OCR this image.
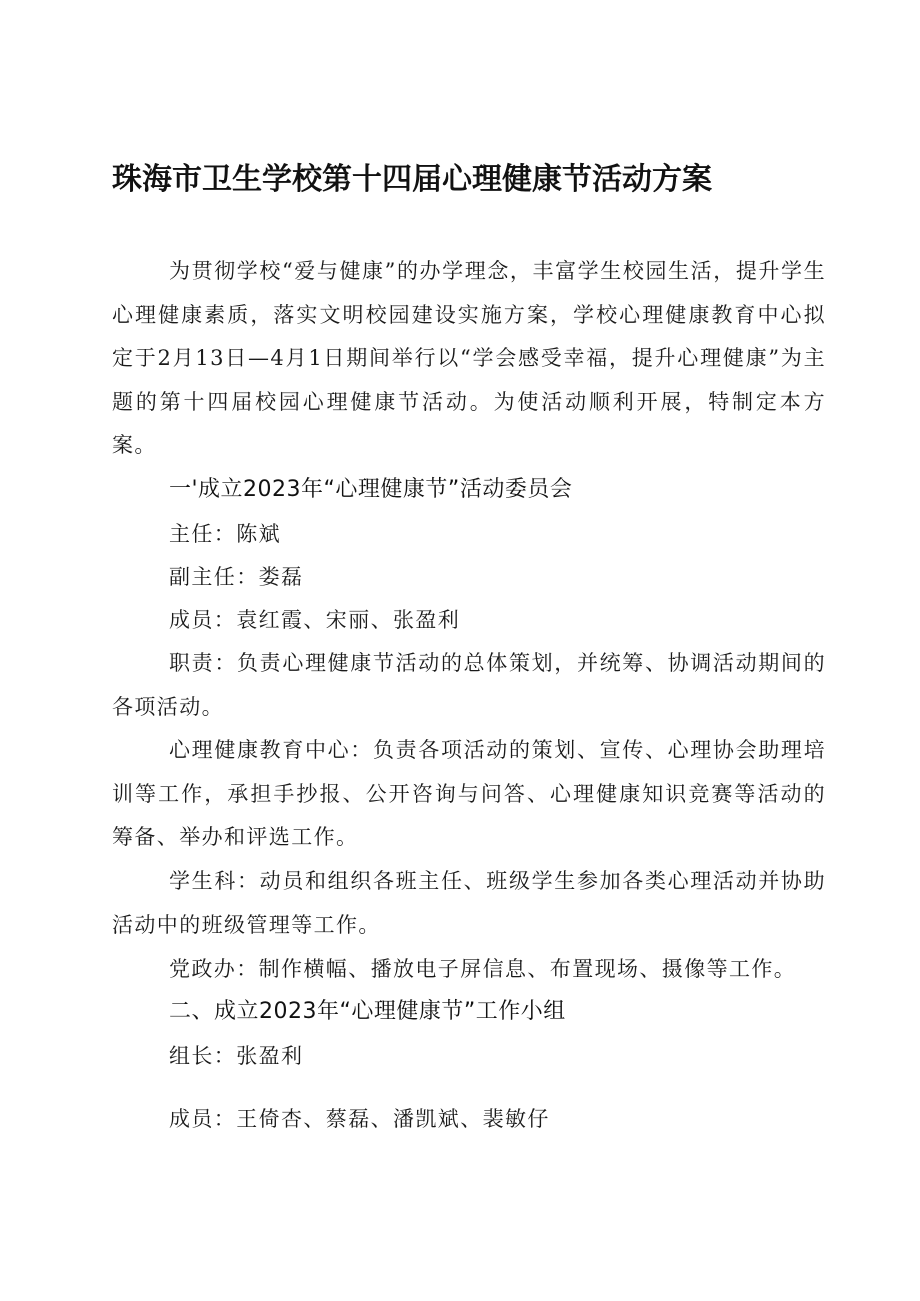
珠海市卫生学校第十四届心理健康节活动方案

为贯彻学校“爱与健康”的办学理念，丰富学生校园生活，提升学生心理健康素质，落实文明校园建设实施方案，学校心理健康教育中心拟定于2月13日—4月1日期间举行以“学会感受幸福，提升心理健康”为主题的第十四届校园心理健康节活动。为使活动顺利开展，特制定本方案。

一'成立2023年“心理健康节”活动委员会
主任：陈斌
副主任：娄磊
成员：袁红霞、宋丽、张盈利

职责：负责心理健康节活动的总体策划，并统筹、协调活动期间的各项活动。

心理健康教育中心：负责各项活动的策划、宣传、心理协会助理培训等工作，承担手抄报、公开咨询与问答、心理健康知识竞赛等活动的筹备、举办和评选工作。

学生科：动员和组织各班主任、班级学生参加各类心理活动并协助活动中的班级管理等工作。

党政办：制作横幅、播放电子屏信息、布置现场、摄像等工作。
二、成立2023年“心理健康节”工作小组
组长：张盈利
成员：王倚杏、蔡磊、潘凯斌、裴敏仔
